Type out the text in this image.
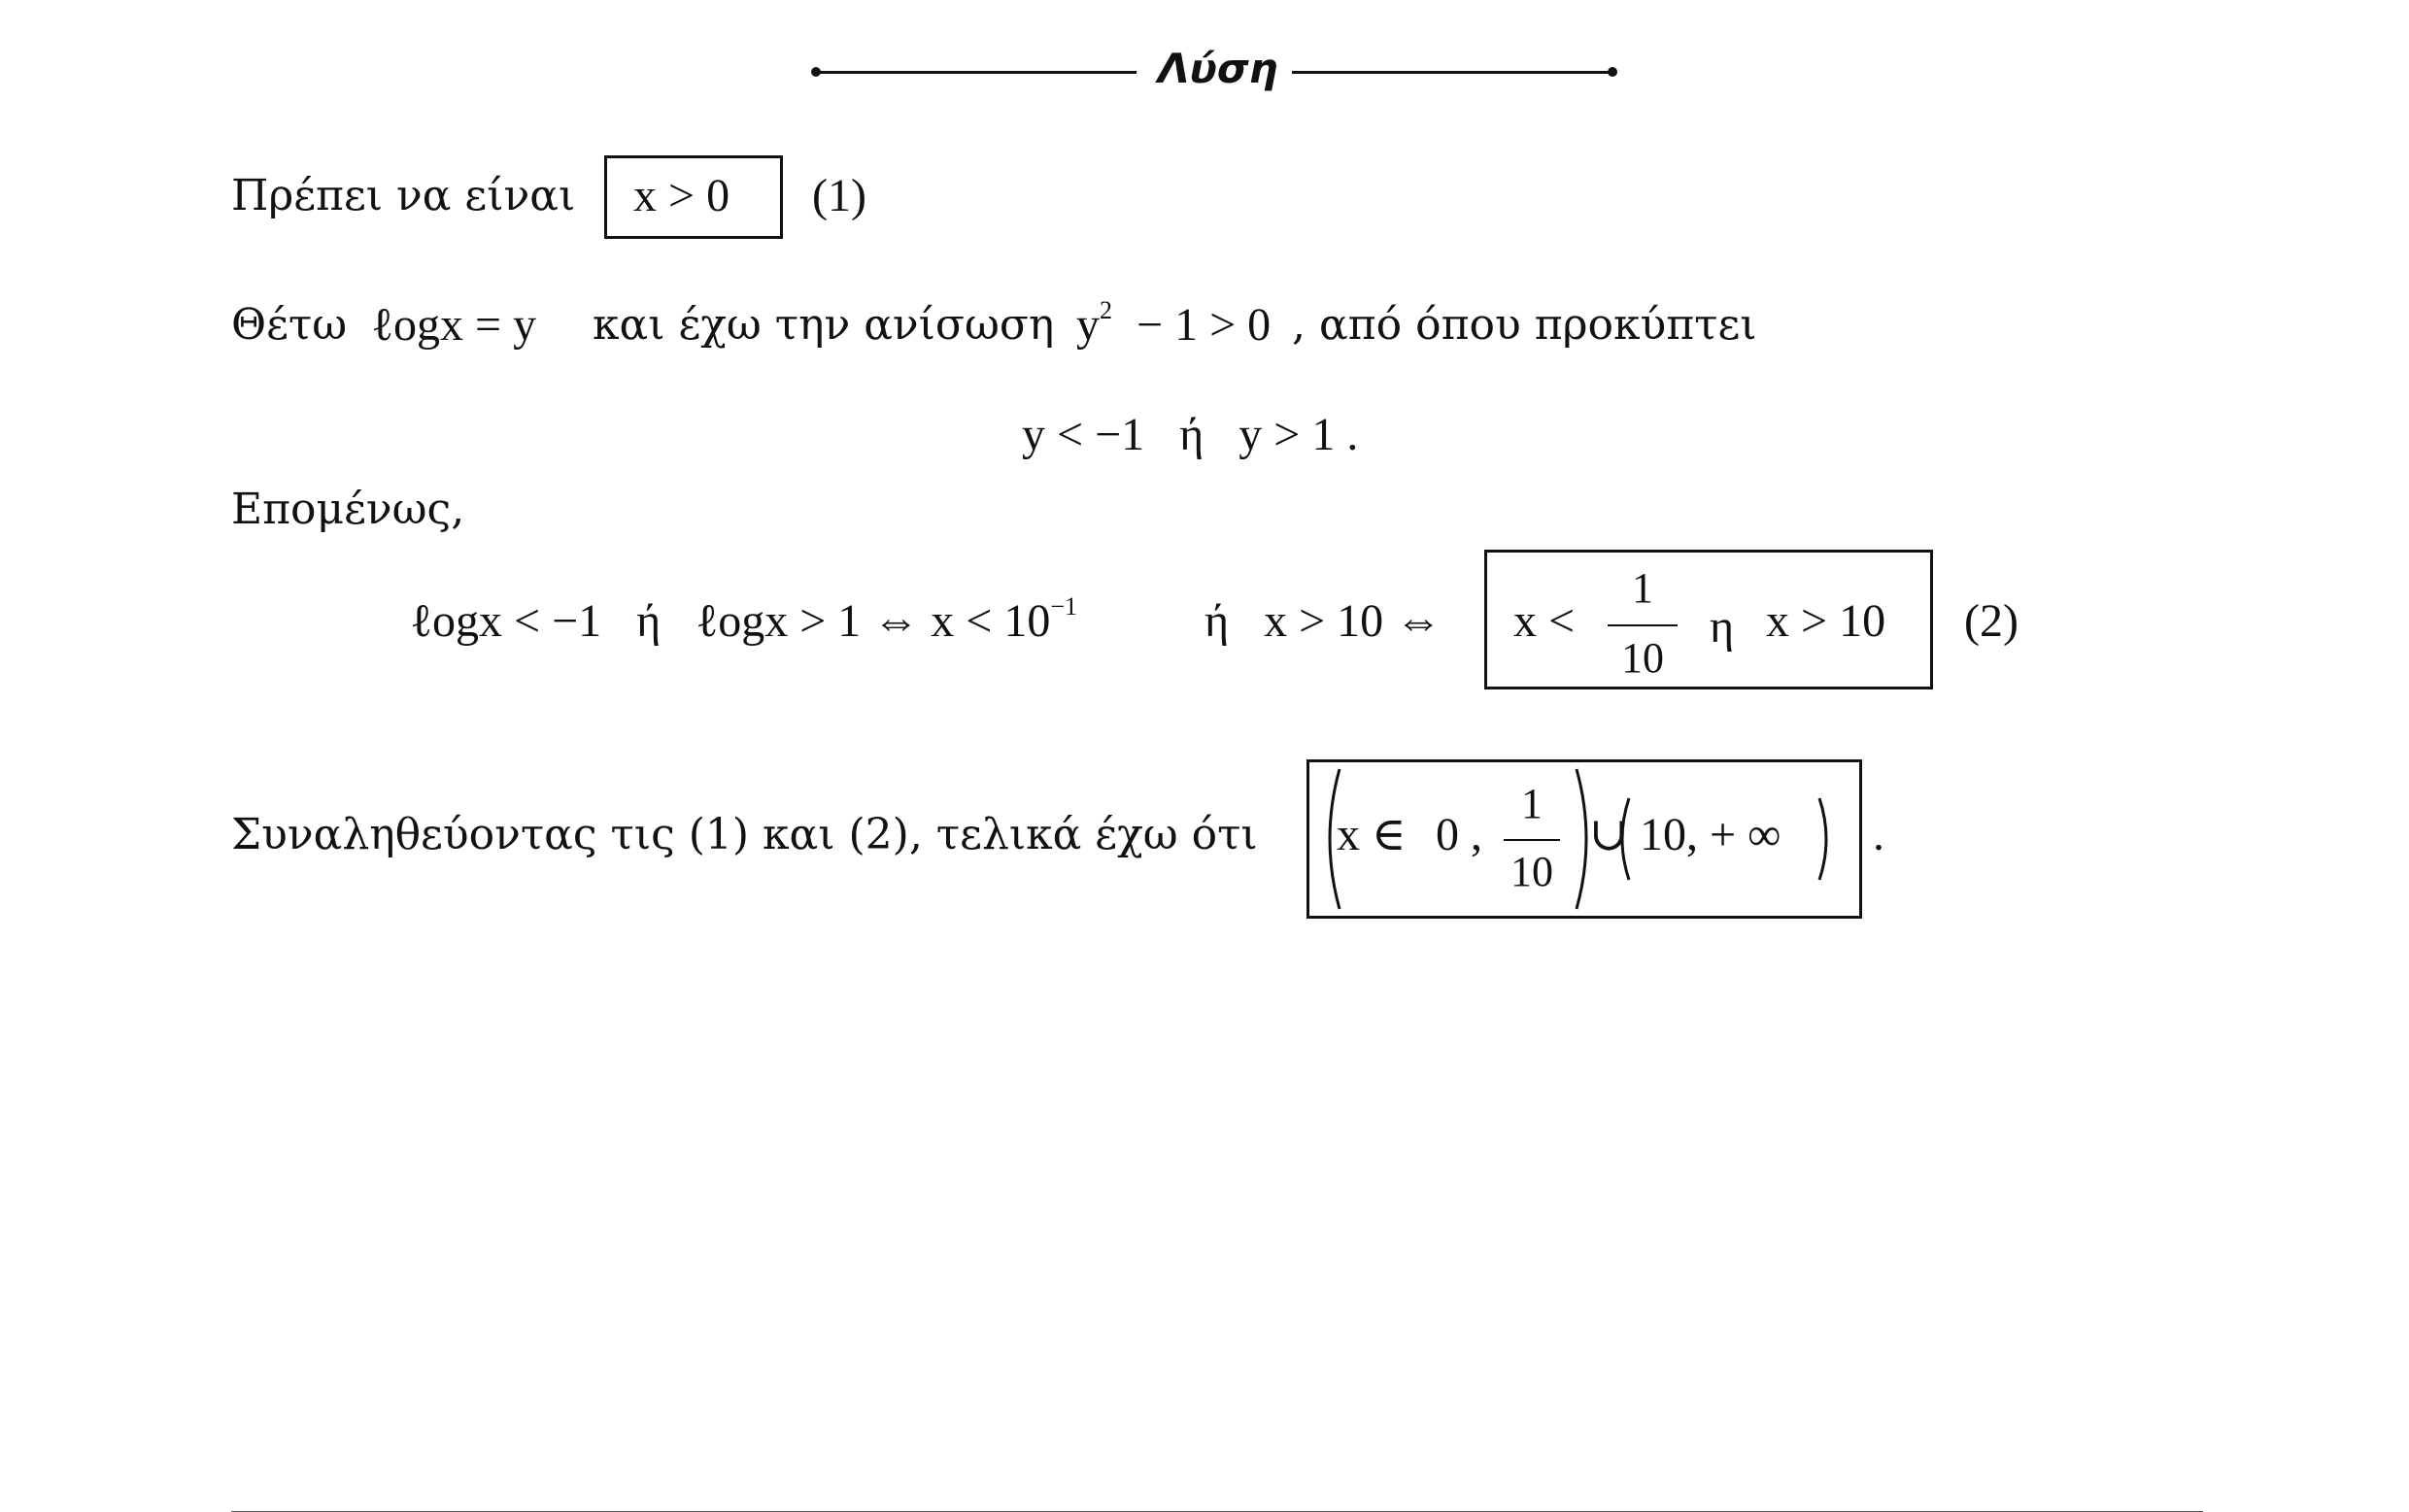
Λύση
Πρέπει να είναι x > 0 (1)
Θέτω ℓogx = y και έχω την ανίσωση $y^2 - 1 > 0$ , από όπου προκύπτει
y < −1   ή   y > 1 .
Επομένως,
ℓogx < −1   ή   ℓogx > 1 ⇔ $x < 10^{-1}$	ή   x > 10 ⇔ x <
1
10
η x > 10 (2)
Συναληθεύοντας τις (1) και (2), τελικά έχω ότι x ∈ 0 ,
1
10
∪ 10, + ∞ .
